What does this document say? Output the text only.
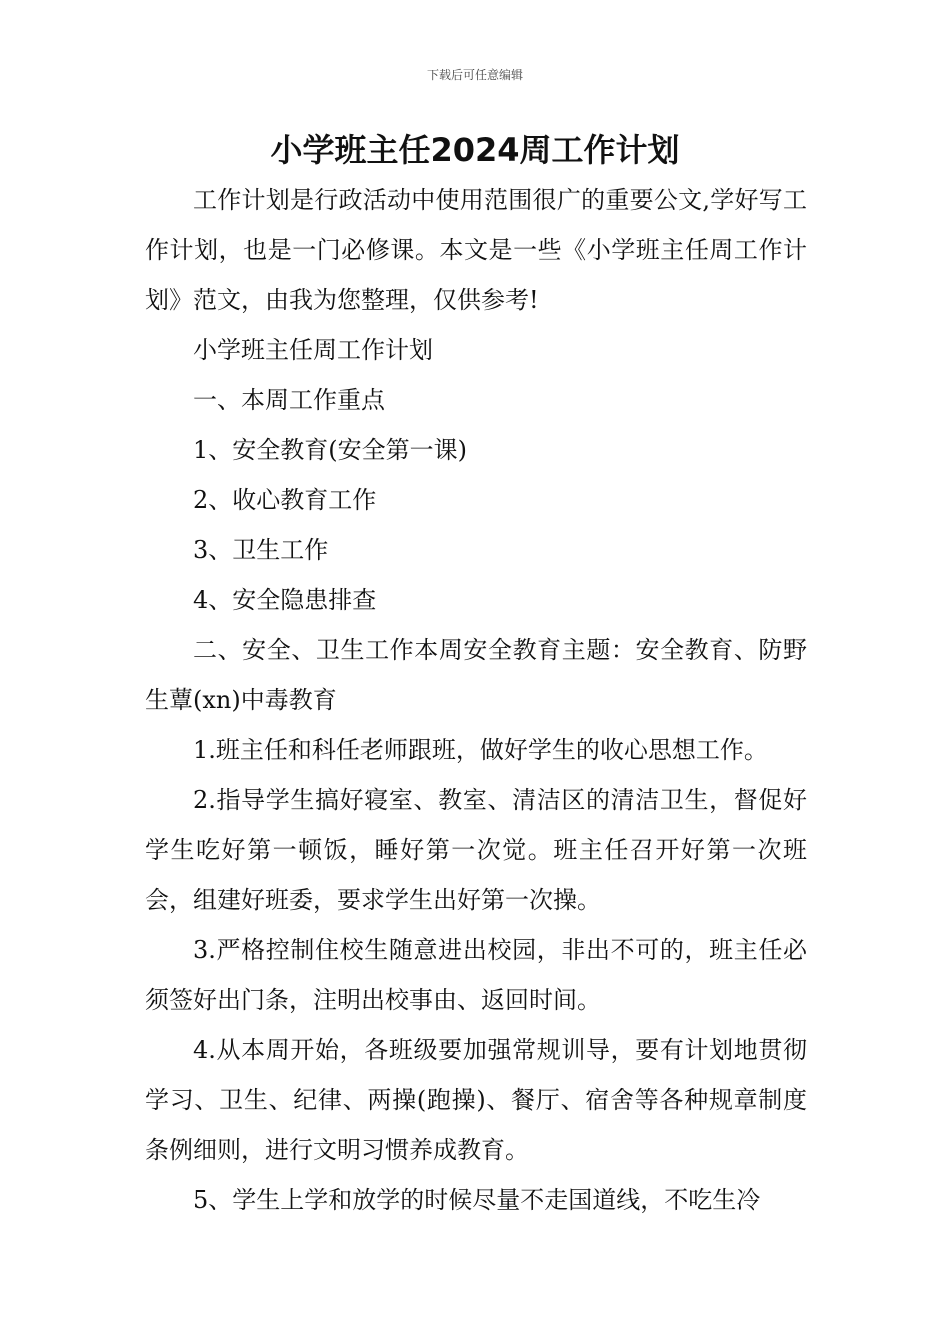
下载后可任意编辑
小学班主任2024周工作计划

工作计划是行政活动中使用范围很广的重要公文,学好写工作计划，也是一门必修课。本文是一些《小学班主任周工作计划》范文，由我为您整理，仅供参考!

小学班主任周工作计划

一、本周工作重点

1、安全教育(安全第一课)

2、收心教育工作

3、卫生工作

4、安全隐患排查

二、安全、卫生工作本周安全教育主题：安全教育、防野生蕈(xn)中毒教育

1.班主任和科任老师跟班，做好学生的收心思想工作。

2.指导学生搞好寝室、教室、清洁区的清洁卫生，督促好学生吃好第一顿饭，睡好第一次觉。班主任召开好第一次班会，组建好班委，要求学生出好第一次操。

3.严格控制住校生随意进出校园，非出不可的，班主任必须签好出门条，注明出校事由、返回时间。

4.从本周开始，各班级要加强常规训导，要有计划地贯彻学习、卫生、纪律、两操(跑操)、餐厅、宿舍等各种规章制度条例细则，进行文明习惯养成教育。

5、学生上学和放学的时候尽量不走国道线，不吃生冷
